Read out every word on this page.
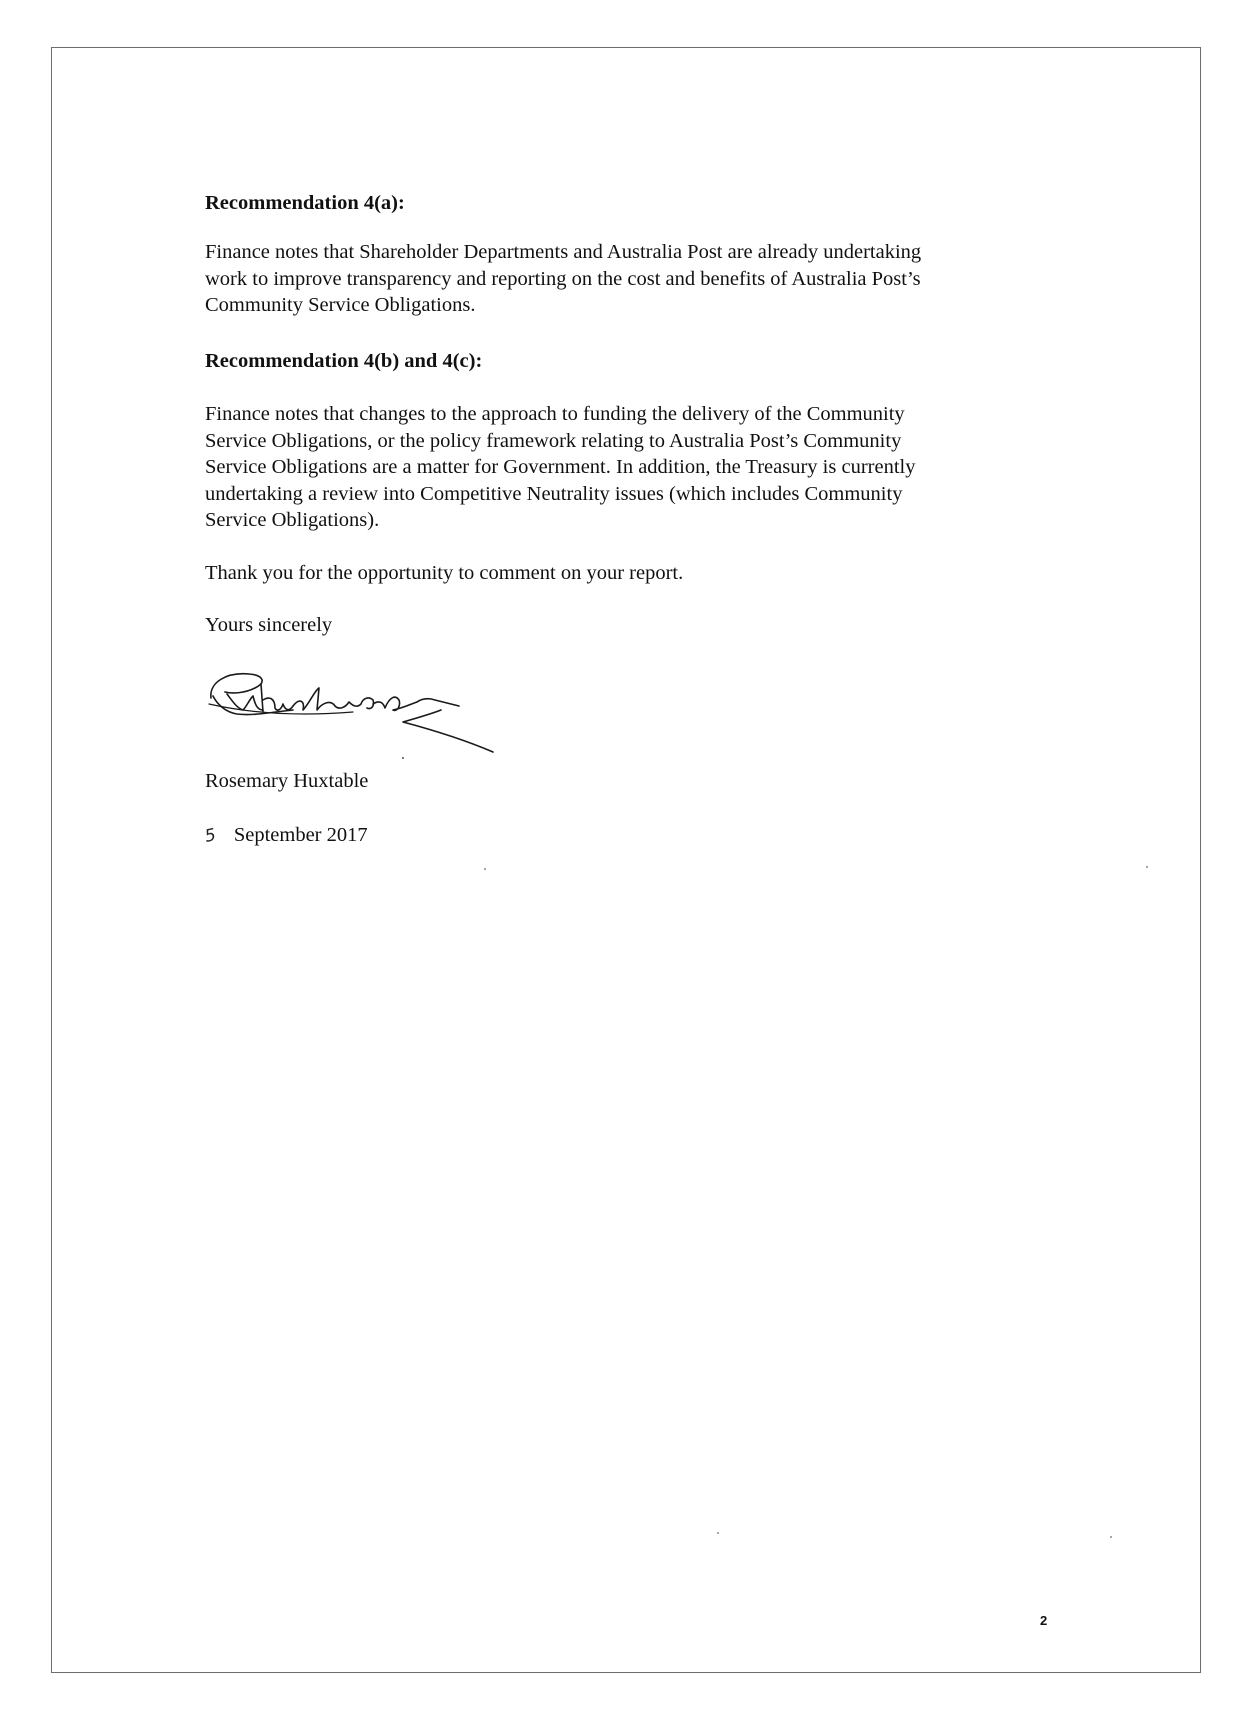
Recommendation 4(a):

Finance notes that Shareholder Departments and Australia Post are already undertaking
work to improve transparency and reporting on the cost and benefits of Australia Post’s
Community Service Obligations.

Recommendation 4(b) and 4(c):

Finance notes that changes to the approach to funding the delivery of the Community
Service Obligations, or the policy framework relating to Australia Post’s Community
Service Obligations are a matter for Government. In addition, the Treasury is currently
undertaking a review into Competitive Neutrality issues (which includes Community
Service Obligations).

Thank you for the opportunity to comment on your report.

Yours sincerely

Rosemary Huxtable

5 September 2017

2
